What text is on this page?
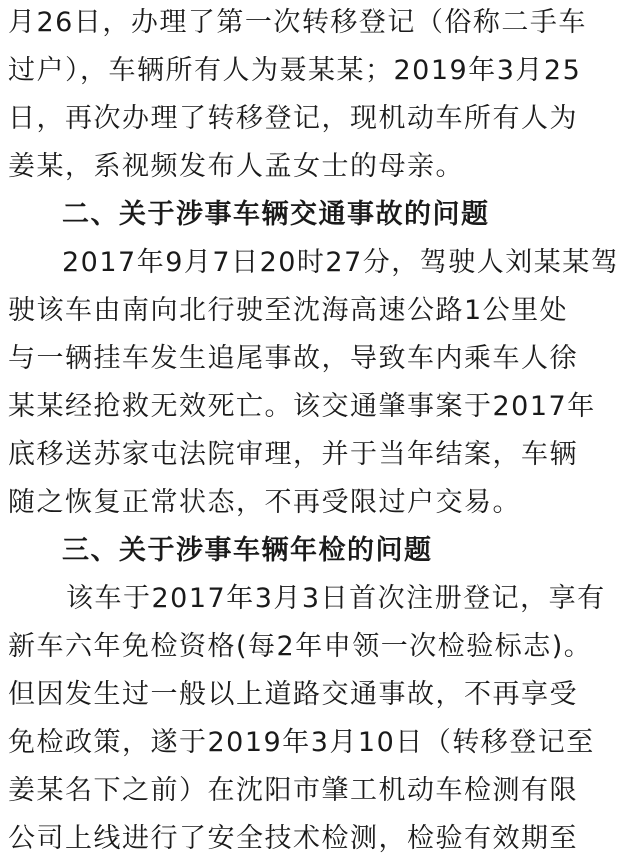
月26日，办理了第一次转移登记（俗称二手车
过户），车辆所有人为聂某某；2019年3月25
日，再次办理了转移登记，现机动车所有人为
姜某，系视频发布人孟女士的母亲。
二、关于涉事车辆交通事故的问题
2017年9月7日20时27分，驾驶人刘某某驾
驶该车由南向北行驶至沈海高速公路1公里处
与一辆挂车发生追尾事故，导致车内乘车人徐
某某经抢救无效死亡。该交通肇事案于2017年
底移送苏家屯法院审理，并于当年结案，车辆
随之恢复正常状态，不再受限过户交易。
三、关于涉事车辆年检的问题
该车于2017年3月3日首次注册登记，享有
新车六年免检资格(每2年申领一次检验标志)。
但因发生过一般以上道路交通事故，不再享受
免检政策，遂于2019年3月10日（转移登记至
姜某名下之前）在沈阳市肇工机动车检测有限
公司上线进行了安全技术检测，检验有效期至
